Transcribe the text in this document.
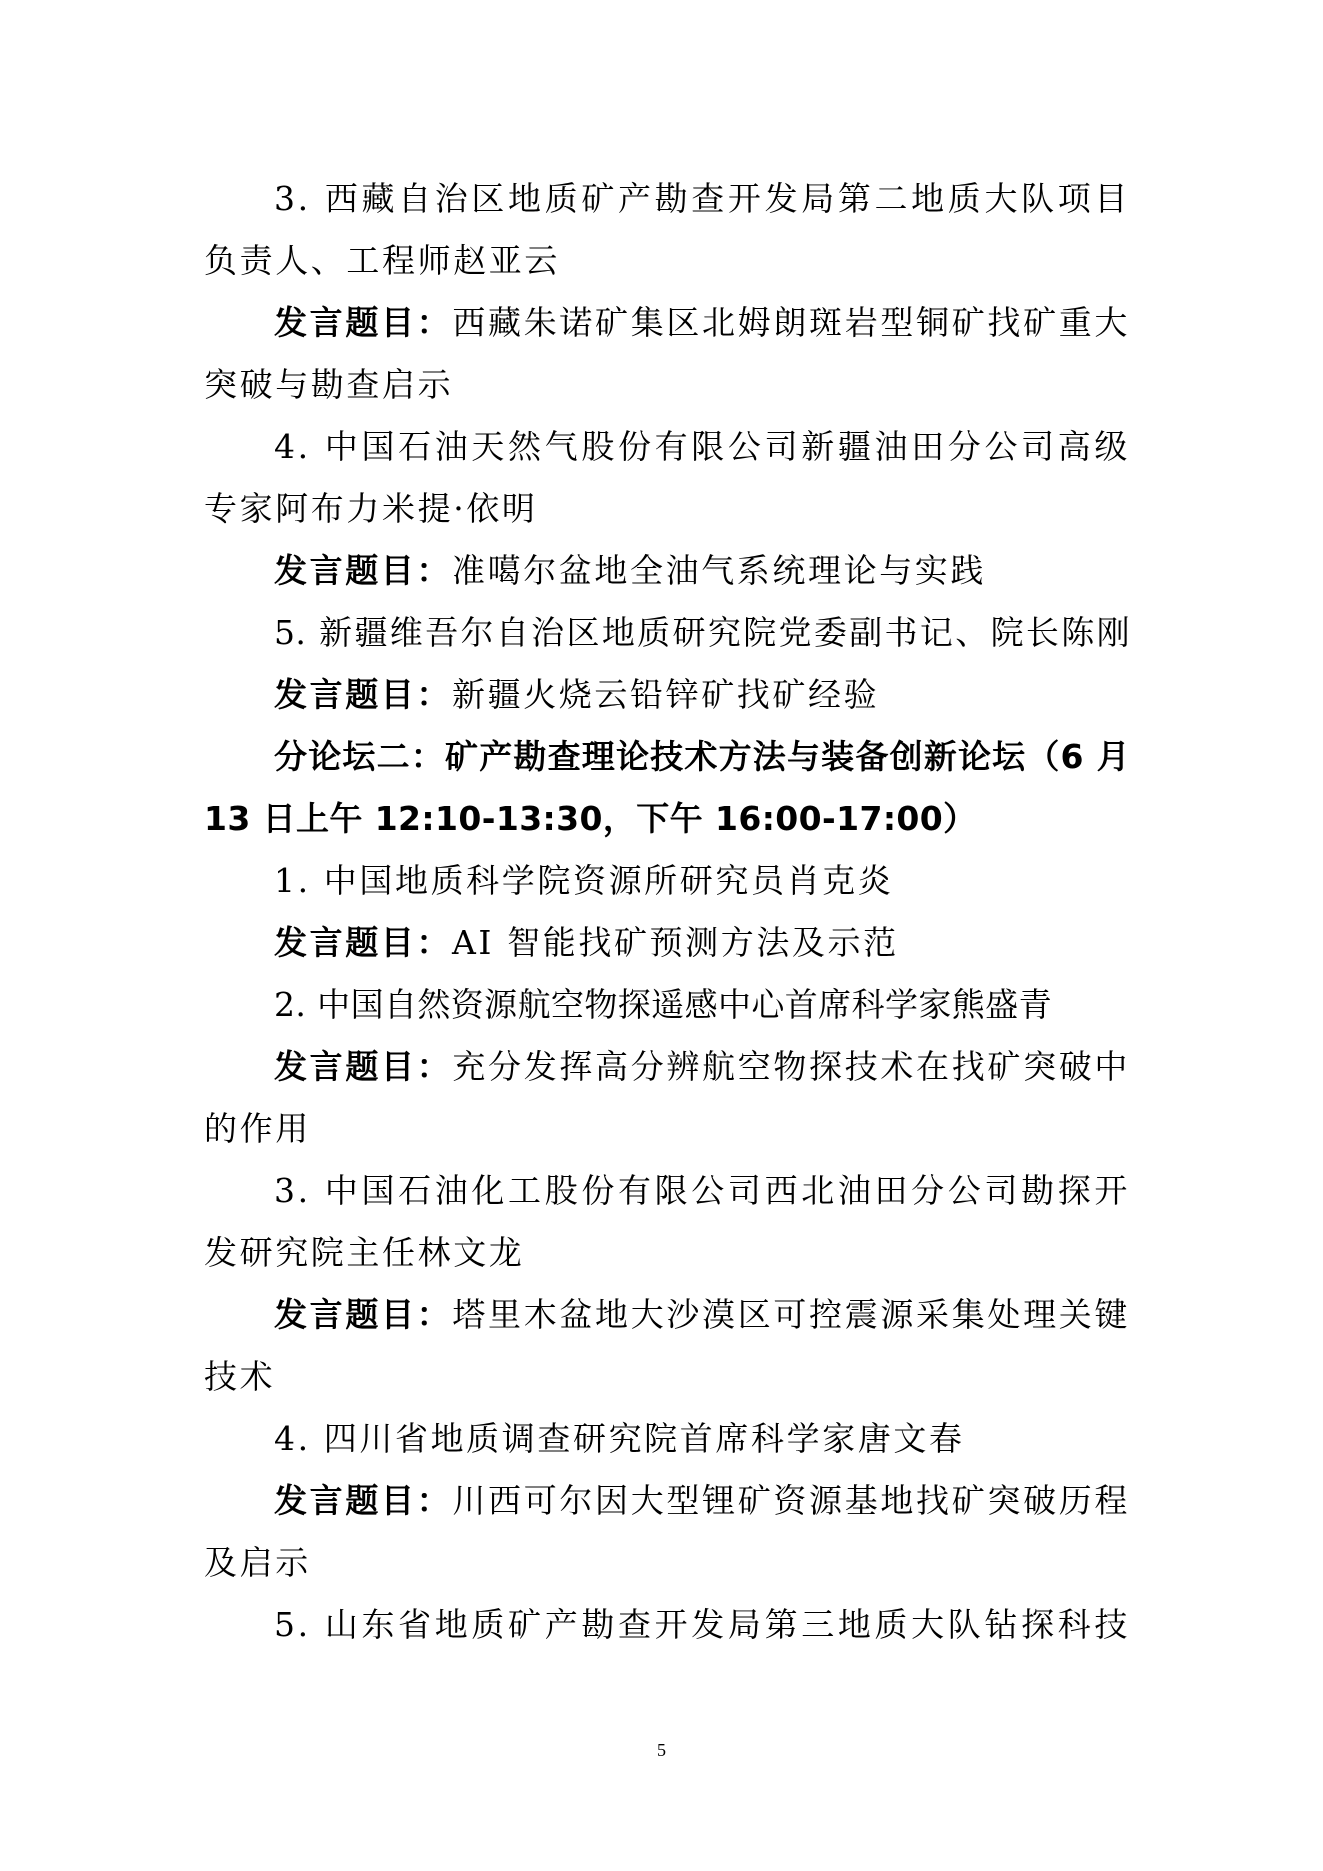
3. 西藏自治区地质矿产勘查开发局第二地质大队项目
负责人、工程师赵亚云
发言题目：西藏朱诺矿集区北姆朗斑岩型铜矿找矿重大
突破与勘查启示
4. 中国石油天然气股份有限公司新疆油田分公司高级
专家阿布力米提·依明
发言题目：准噶尔盆地全油气系统理论与实践
5. 新疆维吾尔自治区地质研究院党委副书记、院长陈刚
发言题目：新疆火烧云铅锌矿找矿经验
分论坛二：矿产勘查理论技术方法与装备创新论坛（6 月
13 日上午 12:10-13:30，下午 16:00-17:00）
1. 中国地质科学院资源所研究员肖克炎
发言题目：AI 智能找矿预测方法及示范
2. 中国自然资源航空物探遥感中心首席科学家熊盛青
发言题目：充分发挥高分辨航空物探技术在找矿突破中
的作用
3. 中国石油化工股份有限公司西北油田分公司勘探开
发研究院主任林文龙
发言题目：塔里木盆地大沙漠区可控震源采集处理关键
技术
4. 四川省地质调查研究院首席科学家唐文春
发言题目：川西可尔因大型锂矿资源基地找矿突破历程
及启示
5. 山东省地质矿产勘查开发局第三地质大队钻探科技
5
